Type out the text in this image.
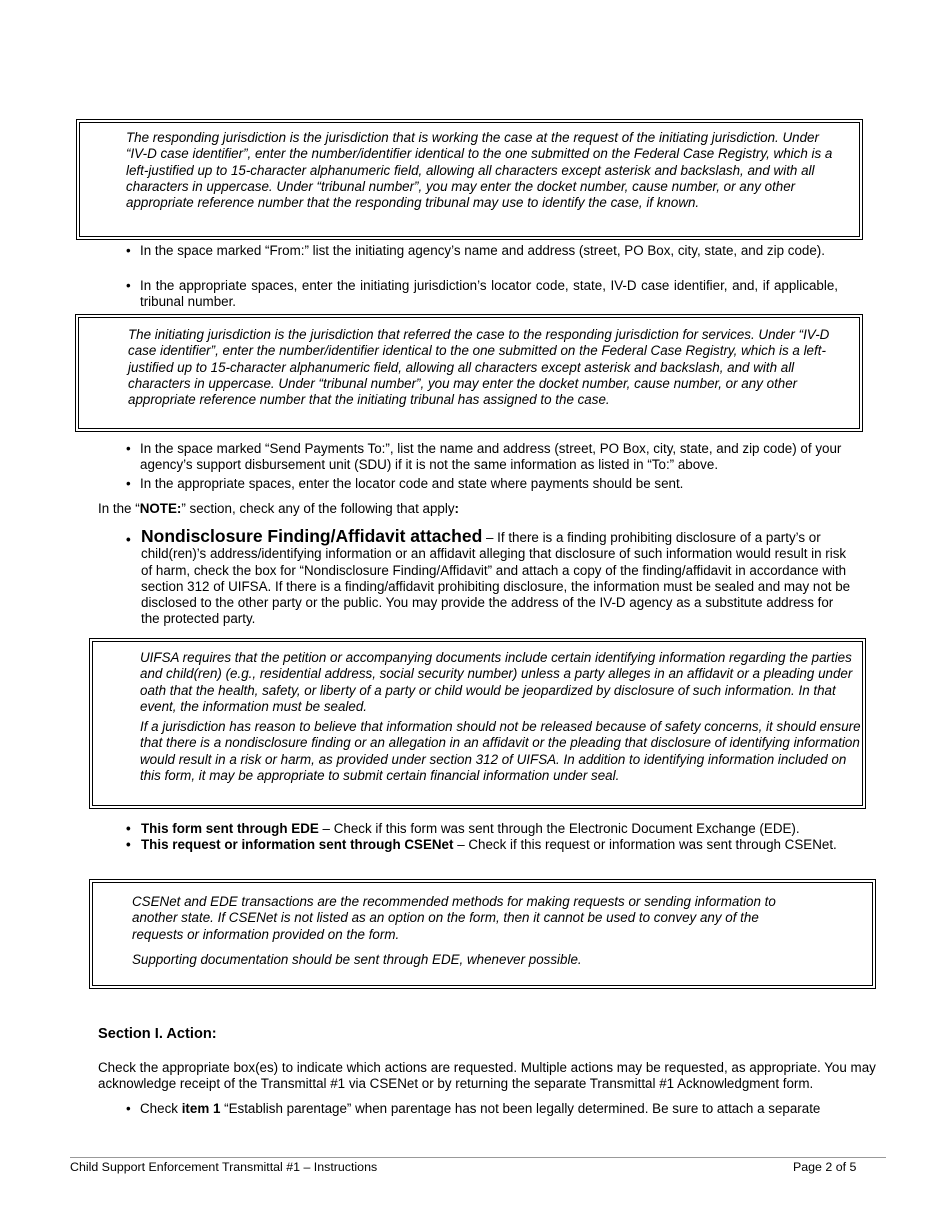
The responding jurisdiction is the jurisdiction that is working the case at the request of the initiating jurisdiction. Under “IV-D case identifier”, enter the number/identifier identical to the one submitted on the Federal Case Registry, which is a left-justified up to 15-character alphanumeric field, allowing all characters except asterisk and backslash, and with all characters in uppercase. Under “tribunal number”, you may enter the docket number, cause number, or any other appropriate reference number that the responding tribunal may use to identify the case, if known.

• In the space marked “From:” list the initiating agency’s name and address (street, PO Box, city, state, and zip code).

• In the appropriate spaces, enter the initiating jurisdiction’s locator code, state, IV-D case identifier, and, if applicable, tribunal number.

The initiating jurisdiction is the jurisdiction that referred the case to the responding jurisdiction for services. Under “IV-D case identifier”, enter the number/identifier identical to the one submitted on the Federal Case Registry, which is a left-justified up to 15-character alphanumeric field, allowing all characters except asterisk and backslash, and with all characters in uppercase. Under “tribunal number”, you may enter the docket number, cause number, or any other appropriate reference number that the initiating tribunal has assigned to the case.

• In the space marked “Send Payments To:”, list the name and address (street, PO Box, city, state, and zip code) of your agency’s support disbursement unit (SDU) if it is not the same information as listed in “To:” above.

• In the appropriate spaces, enter the locator code and state where payments should be sent.

In the “NOTE:” section, check any of the following that apply:
• Nondisclosure Finding/Affidavit attached – If there is a finding prohibiting disclosure of a party’s or child(ren)’s address/identifying information or an affidavit alleging that disclosure of such information would result in risk of harm, check the box for “Nondisclosure Finding/Affidavit” and attach a copy of the finding/affidavit in accordance with section 312 of UIFSA. If there is a finding/affidavit prohibiting disclosure, the information must be sealed and may not be disclosed to the other party or the public. You may provide the address of the IV-D agency as a substitute address for the protected party.

UIFSA requires that the petition or accompanying documents include certain identifying information regarding the parties and child(ren) (e.g., residential address, social security number) unless a party alleges in an affidavit or a pleading under oath that the health, safety, or liberty of a party or child would be jeopardized by disclosure of such information. In that event, the information must be sealed.

If a jurisdiction has reason to believe that information should not be released because of safety concerns, it should ensure that there is a nondisclosure finding or an allegation in an affidavit or the pleading that disclosure of identifying information would result in a risk or harm, as provided under section 312 of UIFSA. In addition to identifying information included on this form, it may be appropriate to submit certain financial information under seal.

• This form sent through EDE – Check if this form was sent through the Electronic Document Exchange (EDE).

• This request or information sent through CSENet – Check if this request or information was sent through CSENet.

CSENet and EDE transactions are the recommended methods for making requests or sending information to another state. If CSENet is not listed as an option on the form, then it cannot be used to convey any of the requests or information provided on the form.

Supporting documentation should be sent through EDE, whenever possible.

Section I. Action:

Check the appropriate box(es) to indicate which actions are requested. Multiple actions may be requested, as appropriate. You may acknowledge receipt of the Transmittal #1 via CSENet or by returning the separate Transmittal #1 Acknowledgment form.

• Check item 1 “Establish parentage” when parentage has not been legally determined. Be sure to attach a separate

Child Support Enforcement Transmittal #1 – Instructions	Page 2 of 5
